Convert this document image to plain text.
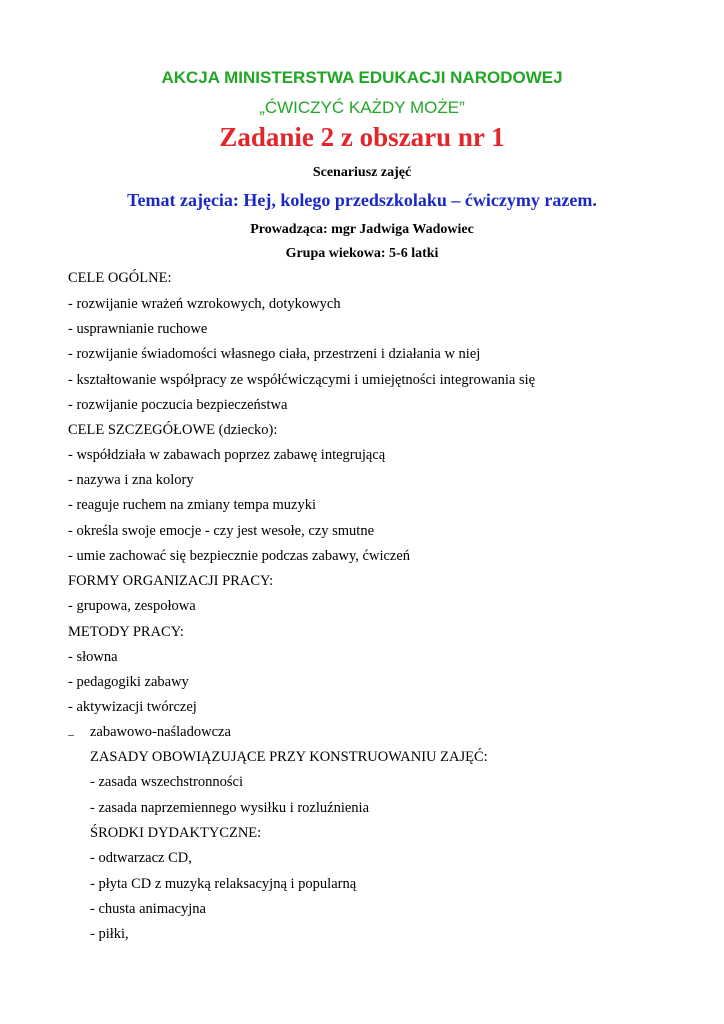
AKCJA MINISTERSTWA EDUKACJI NARODOWEJ
„ĆWICZYĆ KAŻDY MOŻE”
Zadanie 2 z obszaru nr 1
Scenariusz zajęć
Temat zajęcia: Hej, kolego przedszkolaku – ćwiczymy razem.
Prowadząca: mgr Jadwiga Wadowiec
Grupa wiekowa: 5-6 latki
CELE OGÓLNE:
- rozwijanie wrażeń wzrokowych, dotykowych
- usprawnianie ruchowe
- rozwijanie świadomości własnego ciała, przestrzeni i działania w niej
- kształtowanie współpracy ze współćwiczącymi i umiejętności integrowania się
- rozwijanie poczucia bezpieczeństwa
CELE SZCZEGÓŁOWE (dziecko):
- współdziała w zabawach poprzez zabawę integrującą
- nazywa i zna kolory
- reaguje ruchem na zmiany tempa muzyki
- określa swoje emocje - czy jest wesołe, czy smutne
- umie zachować się bezpiecznie podczas zabawy, ćwiczeń
FORMY ORGANIZACJI PRACY:
- grupowa, zespołowa
METODY PRACY:
- słowna
- pedagogiki zabawy
- aktywizacji twórczej
– zabawowo-naśladowcza
ZASADY OBOWIĄZUJĄCE PRZY KONSTRUOWANIU ZAJĘĆ:
- zasada wszechstronności
- zasada naprzemiennego wysiłku i rozluźnienia
ŚRODKI DYDAKTYCZNE:
- odtwarzacz CD,
- płyta CD z muzyką relaksacyjną i popularną
- chusta animacyjna
- piłki,
